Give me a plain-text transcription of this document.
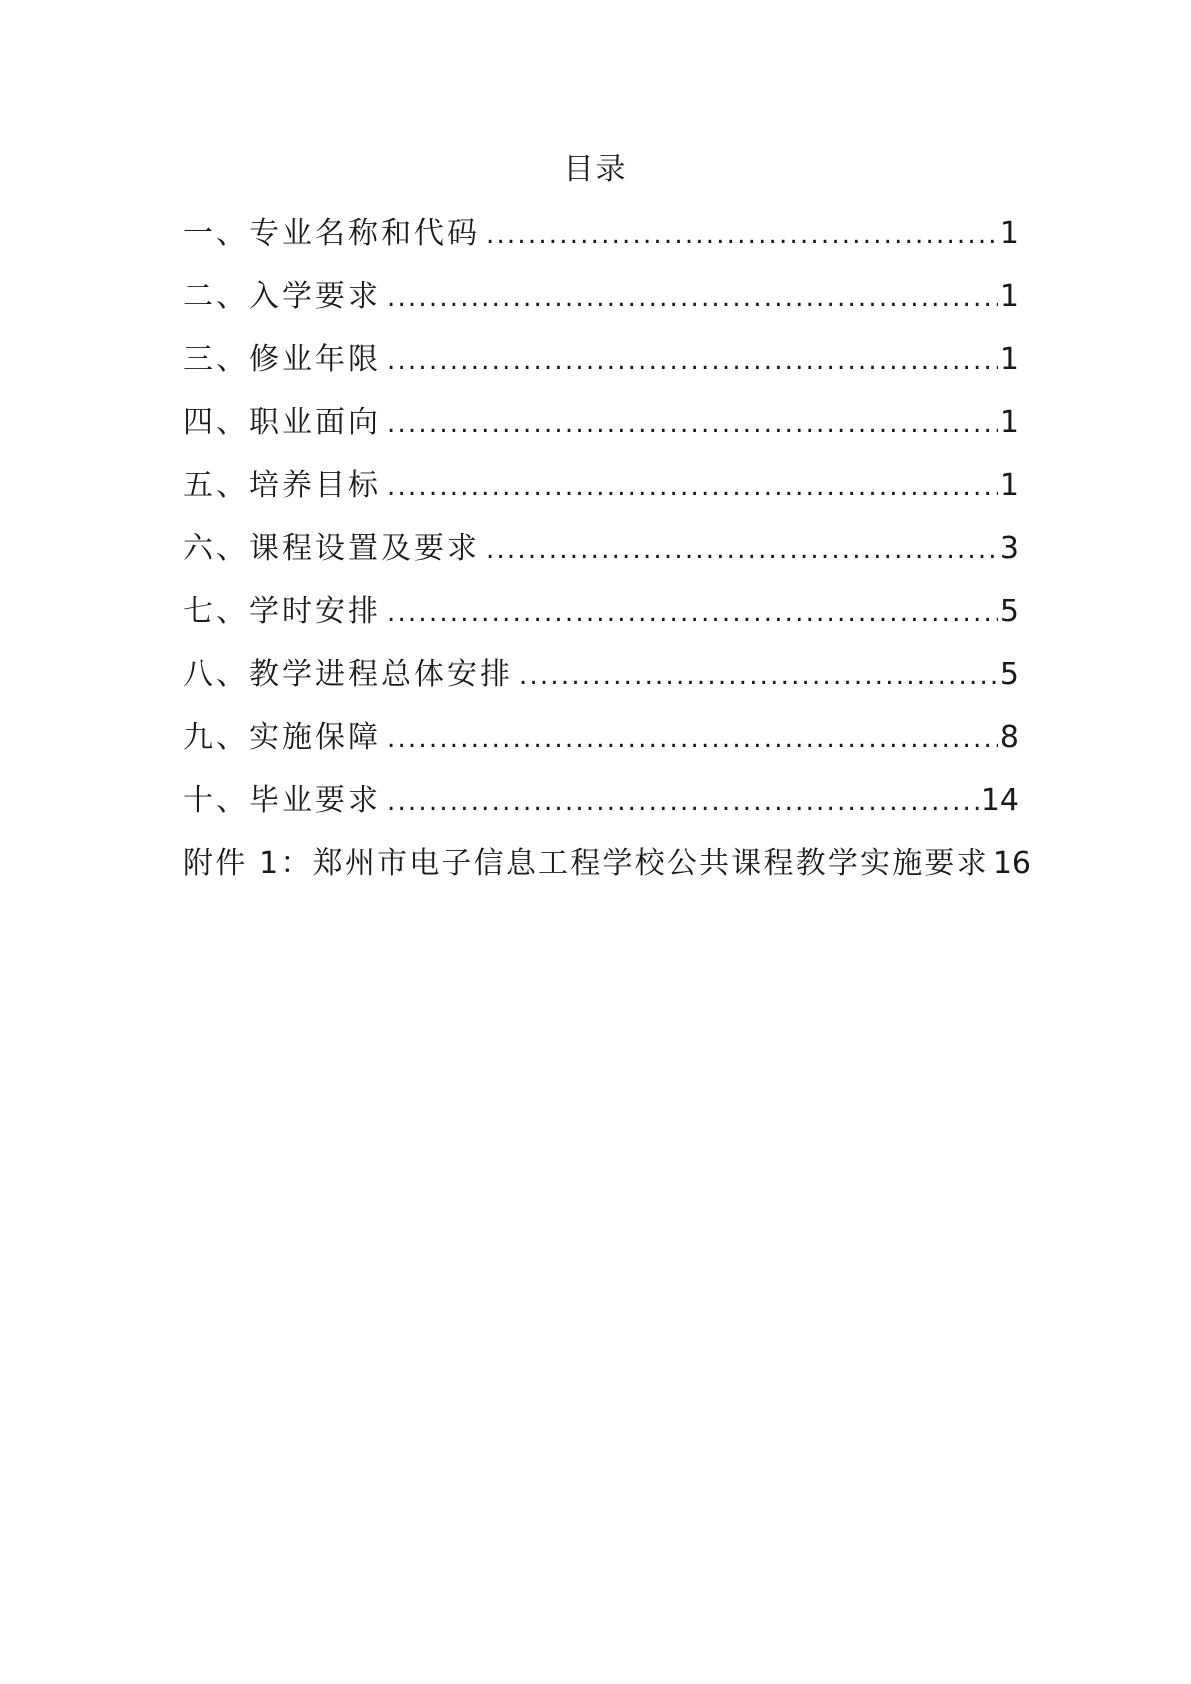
目录
一、专业名称和代码 .....	1
二、入学要求 .....	1
三、修业年限 .....	1
四、职业面向 .....	1
五、培养目标 .....	1
六、课程设置及要求 .....	3
七、学时安排 .....	5
八、教学进程总体安排 .....	5
九、实施保障 .....	8
十、毕业要求 .....	14
附件 1：郑州市电子信息工程学校公共课程教学实施要求 16
